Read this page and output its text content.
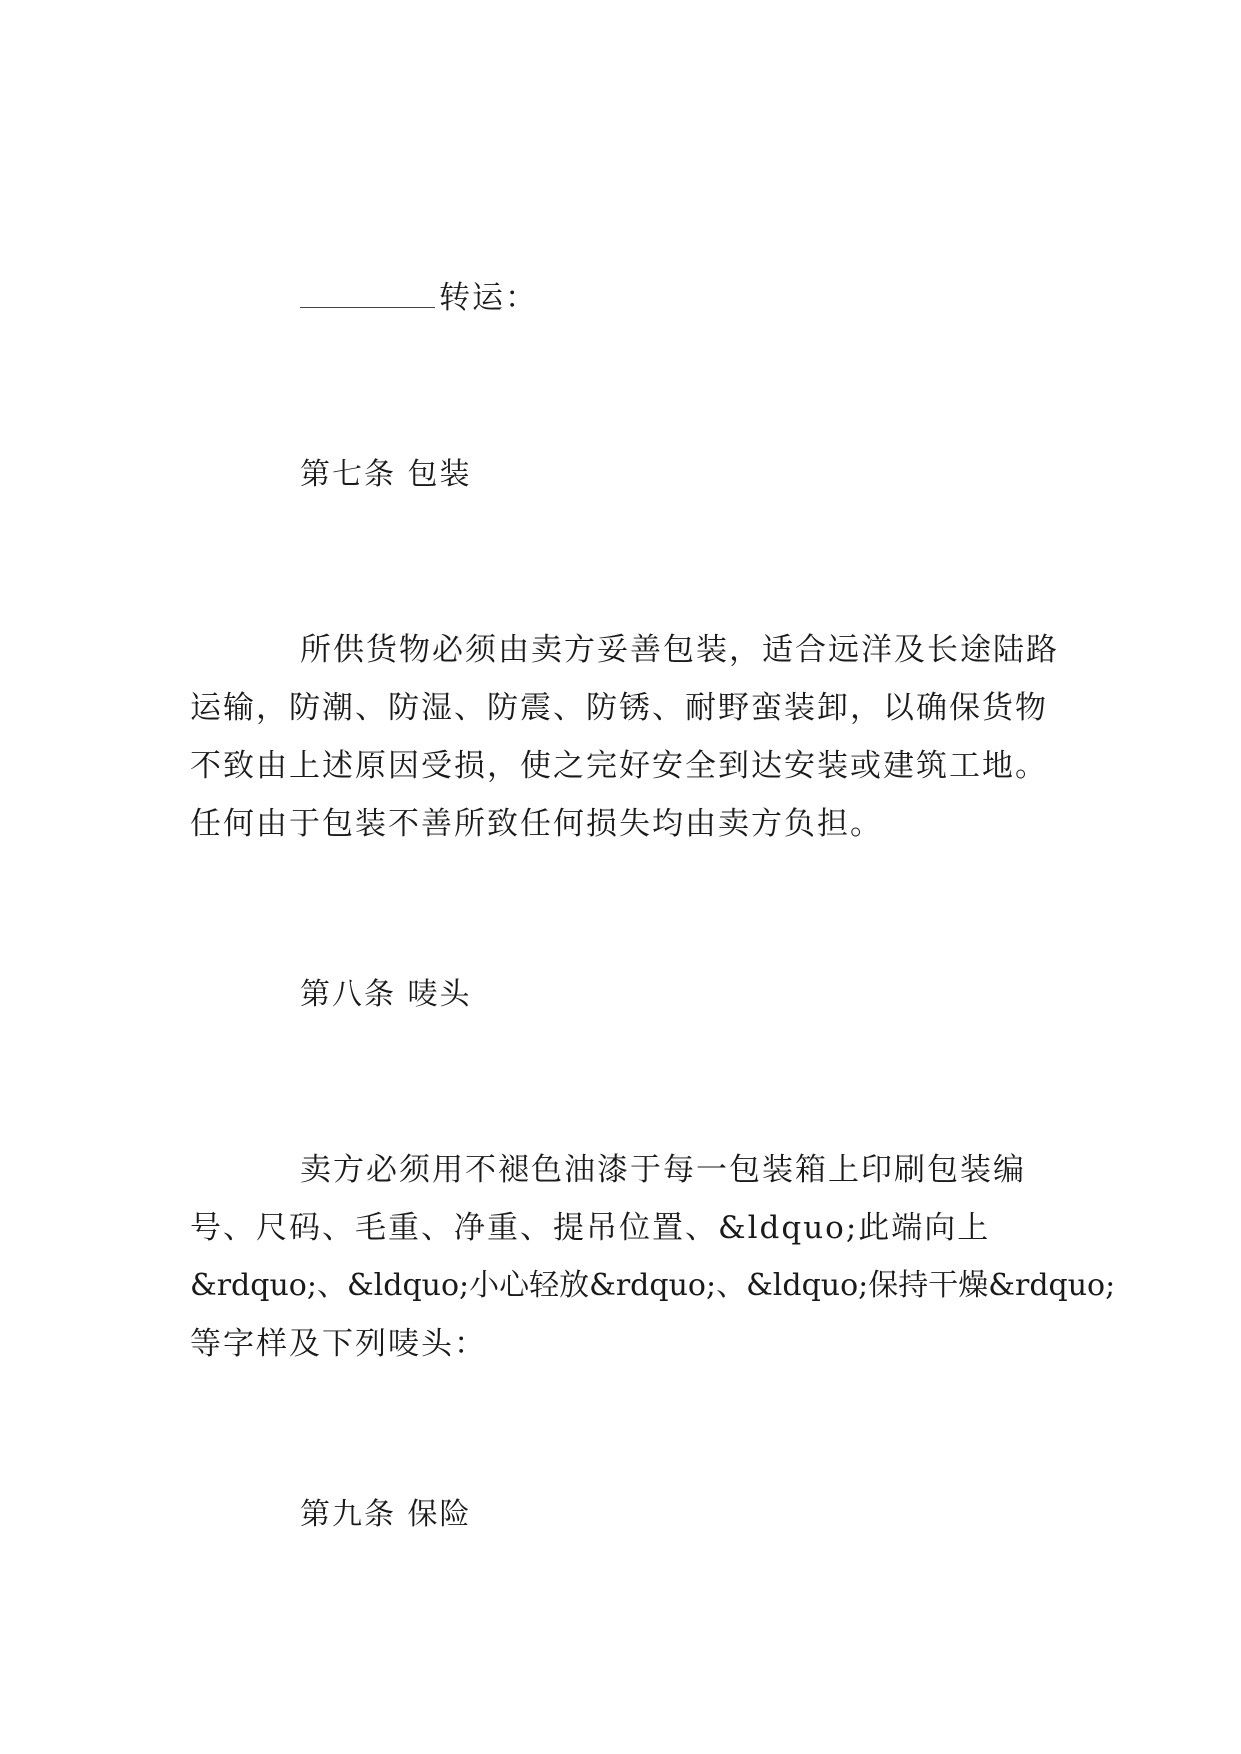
转运：
第七条 包装
所供货物必须由卖方妥善包装，适合远洋及长途陆路
运输，防潮、防湿、防震、防锈、耐野蛮装卸，以确保货物
不致由上述原因受损，使之完好安全到达安装或建筑工地。
任何由于包装不善所致任何损失均由卖方负担。
第八条 唛头
卖方必须用不褪色油漆于每一包装箱上印刷包装编
号、尺码、毛重、净重、提吊位置、&ldquo;此端向上
&rdquo;、&ldquo;小心轻放&rdquo;、&ldquo;保持干燥&rdquo;
等字样及下列唛头：
第九条 保险
